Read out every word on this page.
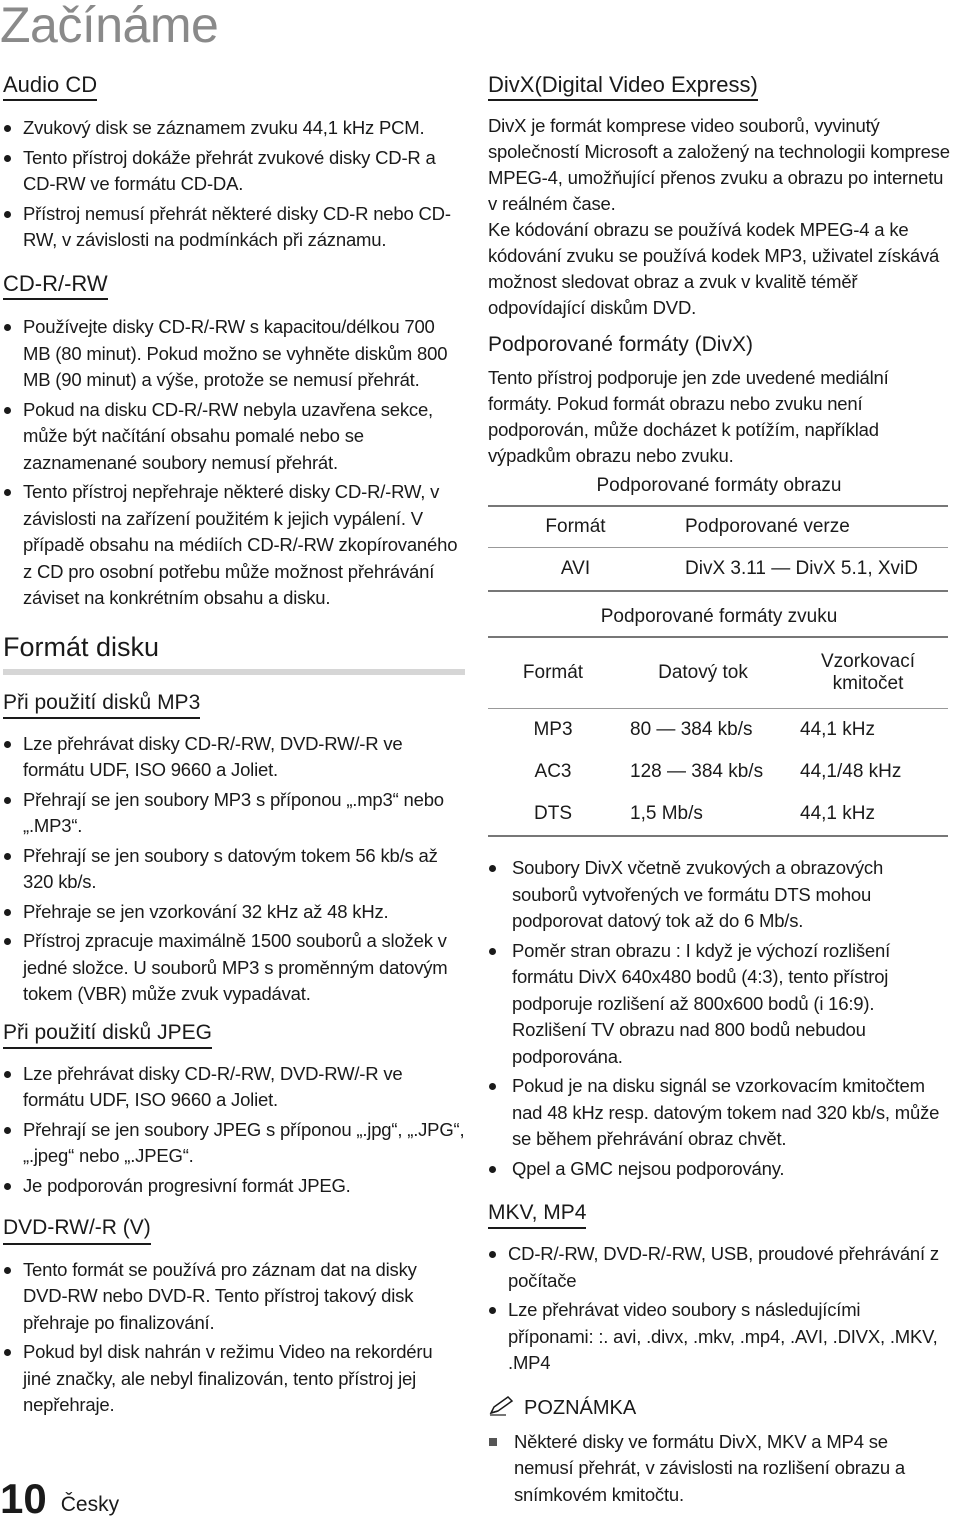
Začínáme
Audio CD
Zvukový disk se záznamem zvuku 44,1 kHz PCM.
Tento přístroj dokáže přehrát zvukové disky CD-R a CD-RW ve formátu CD-DA.
Přístroj nemusí přehrát některé disky CD-R nebo CD-RW, v závislosti na podmínkách při záznamu.
CD-R/-RW
Používejte disky CD-R/-RW s kapacitou/délkou 700 MB (80 minut). Pokud možno se vyhněte diskům 800 MB (90 minut) a výše, protože se nemusí přehrát.
Pokud na disku CD-R/-RW nebyla uzavřena sekce, může být načítání obsahu pomalé nebo se zaznamenané soubory nemusí přehrát.
Tento přístroj nepřehraje některé disky CD-R/-RW, v závislosti na zařízení použitém k jejich vypálení. V případě obsahu na médiích CD-R/-RW zkopírovaného z CD pro osobní potřebu může možnost přehrávání záviset na konkrétním obsahu a disku.
Formát disku
Při použití disků MP3
Lze přehrávat disky CD-R/-RW, DVD-RW/-R ve formátu UDF, ISO 9660 a Joliet.
Přehrají se jen soubory MP3 s příponou „.mp3“ nebo „.MP3“.
Přehrají se jen soubory s datovým tokem 56 kb/s až 320 kb/s.
Přehraje se jen vzorkování 32 kHz až 48 kHz.
Přístroj zpracuje maximálně 1500 souborů a složek v jedné složce. U souborů MP3 s proměnným datovým tokem (VBR) může zvuk vypadávat.
Při použití disků JPEG
Lze přehrávat disky CD-R/-RW, DVD-RW/-R ve formátu UDF, ISO 9660 a Joliet.
Přehrají se jen soubory JPEG s příponou „.jpg“, „.JPG“, „.jpeg“ nebo „.JPEG“.
Je podporován progresivní formát JPEG.
DVD-RW/-R (V)
Tento formát se používá pro záznam dat na disky DVD-RW nebo DVD-R. Tento přístroj takový disk přehraje po finalizování.
Pokud byl disk nahrán v režimu Video na rekordéru jiné značky, ale nebyl finalizován, tento přístroj jej nepřehraje.
DivX(Digital Video Express)

DivX je formát komprese video souborů, vyvinutý společností Microsoft a založený na technologii komprese MPEG-4, umožňující přenos zvuku a obrazu po internetu v reálném čase.

Ke kódování obrazu se používá kodek MPEG-4 a ke kódování zvuku se používá kodek MP3, uživatel získává možnost sledovat obraz a zvuk v kvalitě téměř odpovídající diskům DVD.

Podporované formáty (DivX)

Tento přístroj podporuje jen zde uvedené mediální formáty. Pokud formát obrazu nebo zvuku není podporován, může docházet k potížím, například výpadkům obrazu nebo zvuku.

Podporované formáty obrazu
Formát	Podporované verze
AVI	DivX 3.11 — DivX 5.1, XviD
Podporované formáty zvuku
Formát	Datový tok	Vzorkovací kmitočet
MP3	80 — 384 kb/s	44,1 kHz
AC3	128 — 384 kb/s	44,1/48 kHz
DTS	1,5 Mb/s	44,1 kHz
Soubory DivX včetně zvukových a obrazových souborů vytvořených ve formátu DTS mohou podporovat datový tok až do 6 Mb/s.
Poměr stran obrazu : I když je výchozí rozlišení formátu DivX 640x480 bodů (4:3), tento přístroj podporuje rozlišení až 800x600 bodů (i 16:9). Rozlišení TV obrazu nad 800 bodů nebudou podporována.
Pokud je na disku signál se vzorkovacím kmitočtem nad 48 kHz resp. datovým tokem nad 320 kb/s, může se během přehrávání obraz chvět.
Qpel a GMC nejsou podporovány.
MKV, MP4
CD-R/-RW, DVD-R/-RW, USB, proudové přehrávání z počítače
Lze přehrávat video soubory s následujícími příponami: :. avi, .divx, .mkv, .mp4, .AVI, .DIVX, .MKV, .MP4
POZNÁMKA
Některé disky ve formátu DivX, MKV a MP4 se nemusí přehrát, v závislosti na rozlišení obrazu a snímkovém kmitočtu.
10 Česky
